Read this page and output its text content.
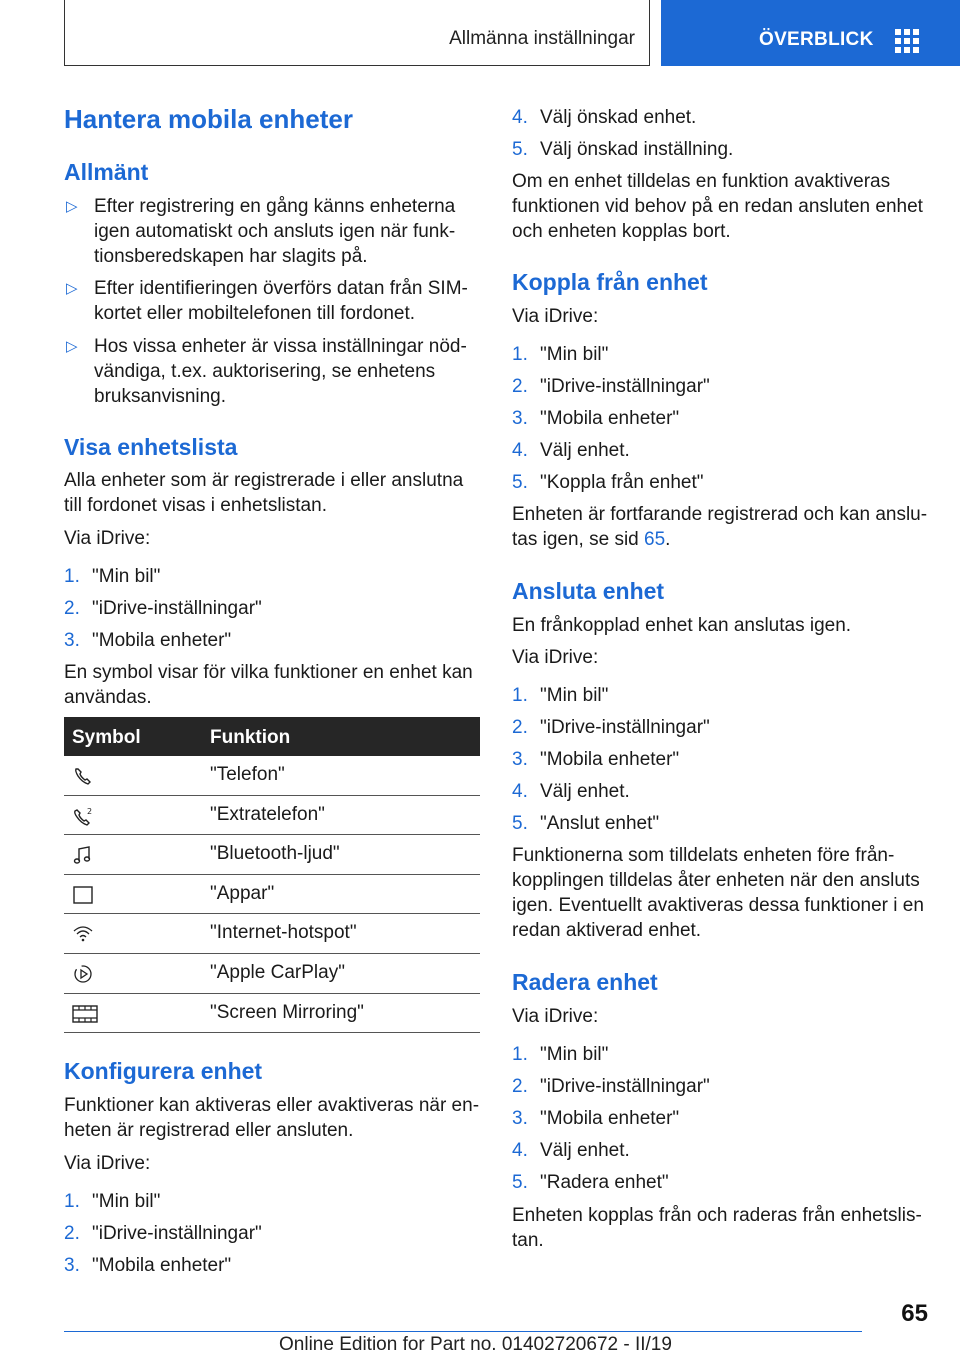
Allmänna inställningar	ÖVERBLICK
Hantera mobila enheter
Allmänt
▷ Efter registrering en gång känns enheterna
igen automatiskt och ansluts igen när funk-
tionsberedskapen har slagits på.
▷ Efter identifieringen överförs datan från SIM-
kortet eller mobiltelefonen till fordonet.
▷ Hos vissa enheter är vissa inställningar nöd-
vändiga, t.ex. auktorisering, se enhetens
bruksanvisning.
Visa enhetslista
Alla enheter som är registrerade i eller anslutna
till fordonet visas i enhetslistan.
Via iDrive:
1. "Min bil"
2. "iDrive-inställningar"
3. "Mobila enheter"
En symbol visar för vilka funktioner en enhet kan
användas.
Symbol	Funktion
"Telefon"
2	"Extratelefon"
"Bluetooth-ljud"
"Appar"
"Internet-hotspot"
"Apple CarPlay"
"Screen Mirroring"
Konfigurera enhet
Funktioner kan aktiveras eller avaktiveras när en-
heten är registrerad eller ansluten.
Via iDrive:
1. "Min bil"
2. "iDrive-inställningar"
3. "Mobila enheter"
4. Välj önskad enhet.
5. Välj önskad inställning.
Om en enhet tilldelas en funktion avaktiveras
funktionen vid behov på en redan ansluten enhet
och enheten kopplas bort.
Koppla från enhet
Via iDrive:
1. "Min bil"
2. "iDrive-inställningar"
3. "Mobila enheter"
4. Välj enhet.
5. "Koppla från enhet"
Enheten är fortfarande registrerad och kan anslu-
tas igen, se sid 65.
Ansluta enhet
En frånkopplad enhet kan anslutas igen.
Via iDrive:
1. "Min bil"
2. "iDrive-inställningar"
3. "Mobila enheter"
4. Välj enhet.
5. "Anslut enhet"
Funktionerna som tilldelats enheten före från-
kopplingen tilldelas åter enheten när den ansluts
igen. Eventuellt avaktiveras dessa funktioner i en
redan aktiverad enhet.
Radera enhet
Via iDrive:
1. "Min bil"
2. "iDrive-inställningar"
3. "Mobila enheter"
4. Välj enhet.
5. "Radera enhet"
Enheten kopplas från och raderas från enhetslis-
tan.
65
Online Edition for Part no. 01402720672 - II/19
